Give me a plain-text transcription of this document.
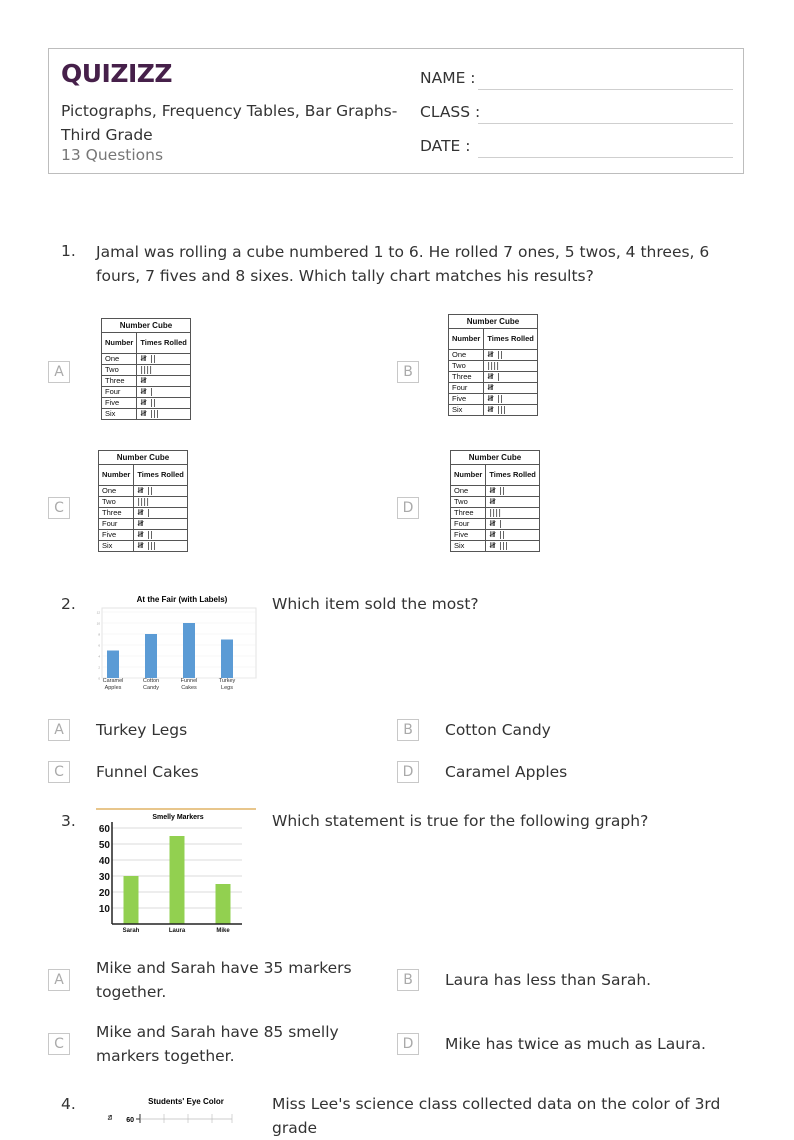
QUIZIZZ
Pictographs, Frequency Tables, Bar Graphs- Third Grade
13 Questions
NAME :
CLASS :
DATE :
1. Jamal was rolling a cube numbered 1 to 6. He rolled 7 ones, 5 twos, 4 threes, 6 fours, 7 fives and 8 sixes. Which tally chart matches his results?
A
Number Cube	
Number	Times Rolled
One	𝍸 ||
Two	||||
Three	𝍸
Four	𝍸 |
Five	𝍸 ||
Six	𝍸 |||
B
Number Cube	
Number	Times Rolled
One	𝍸 ||
Two	||||
Three	𝍸 |
Four	𝍸
Five	𝍸 ||
Six	𝍸 |||
C
Number Cube	
Number	Times Rolled
One	𝍸 ||
Two	||||
Three	𝍸 |
Four	𝍸
Five	𝍸 ||
Six	𝍸 |||
D
Number Cube	
Number	Times Rolled
One	𝍸 ||
Two	𝍸
Three	||||
Four	𝍸 |
Five	𝍸 ||
Six	𝍸 |||
2.	At the Fair (with Labels)
0
2
4
6
8
10
12
Caramel
Apples
Cotton
Candy
Funnel
Cakes
Turkey
Legs
Which item sold the most?
A	Turkey Legs	B	Cotton Candy
C	Funnel Cakes	D	Caramel Apples
3.	Smelly Markers
10
20
30
40
50
60
Sarah	Laura	Mike
Which statement is true for the following graph?
A
Mike and Sarah have 35 markers together.
B	Laura has less than Sarah.
C
Mike and Sarah have 85 smelly markers together.
D	Mike has twice as much as Laura.
4.	Students' Eye Color
ts 60
Miss Lee's science class collected data on the color of 3rd grade
